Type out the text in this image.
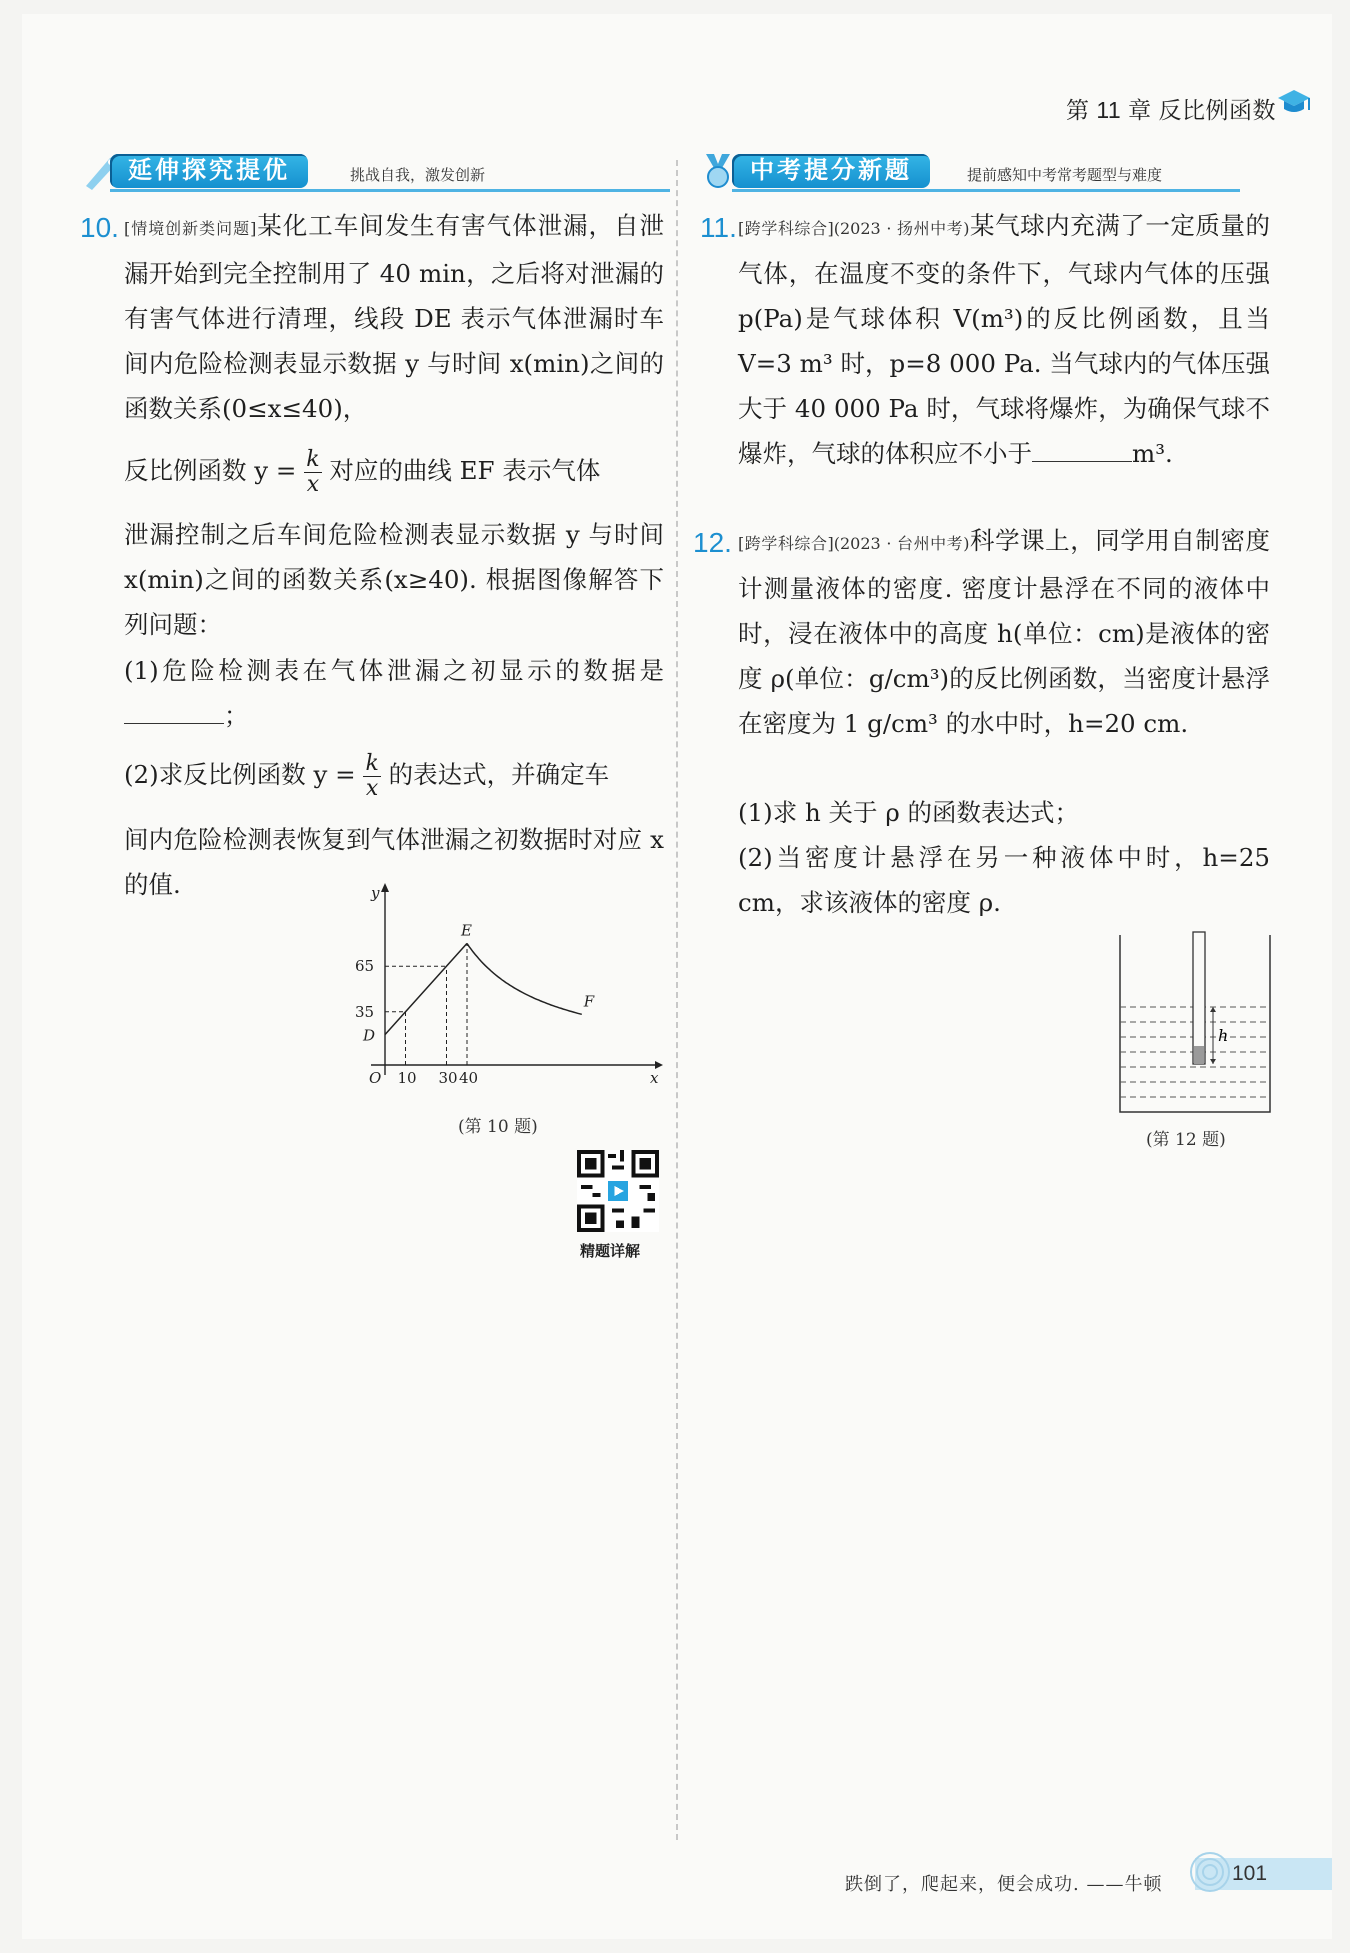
第 11 章 反比例函数
延伸探究提优	挑战自我，激发创新	中考提分新题	提前感知中考常考题型与难度
10. [情境创新类问题]某化工车间发生有害气体泄漏，自泄漏开始到完全控制用了 40 min，之后将对泄漏的有害气体进行清理，线段 DE 表示气体泄漏时车间内危险检测表显示数据 y 与时间 x(min)之间的函数关系(0≤x≤40)，
反比例函数 $y = \frac{k}{x}$ 对应的曲线 EF 表示气体
泄漏控制之后车间危险检测表显示数据 y 与时间 x(min)之间的函数关系(x≥40). 根据图像解答下列问题：
(1)危险检测表在气体泄漏之初显示的数据是；
(2)求反比例函数 $y = \frac{k}{x}$ 的表达式，并确定车
间内危险检测表恢复到气体泄漏之初数据时对应 x 的值.
x
y
O 10 30 40
35
65
D
E
F
(第 10 题)
精题详解
11. [跨学科综合](2023 · 扬州中考)某气球内充满了一定质量的气体，在温度不变的条件下，气球内气体的压强 p(Pa)是气球体积 V(m³)的反比例函数，且当 V=3 m³ 时，p=8 000 Pa. 当气球内的气体压强大于 40 000 Pa 时，气球将爆炸，为确保气球不爆炸，气球的体积应不小于	m³.
12. [跨学科综合](2023 · 台州中考)科学课上，同学用自制密度计测量液体的密度. 密度计悬浮在不同的液体中时，浸在液体中的高度 h(单位：cm)是液体的密度 ρ(单位：g/cm³)的反比例函数，当密度计悬浮在密度为 1 g/cm³ 的水中时，h=20 cm.
(1)求 h 关于 ρ 的函数表达式；
(2)当密度计悬浮在另一种液体中时，h=25 cm，求该液体的密度 ρ.
h
(第 12 题)
跌倒了，爬起来，便会成功. ——牛顿	101
